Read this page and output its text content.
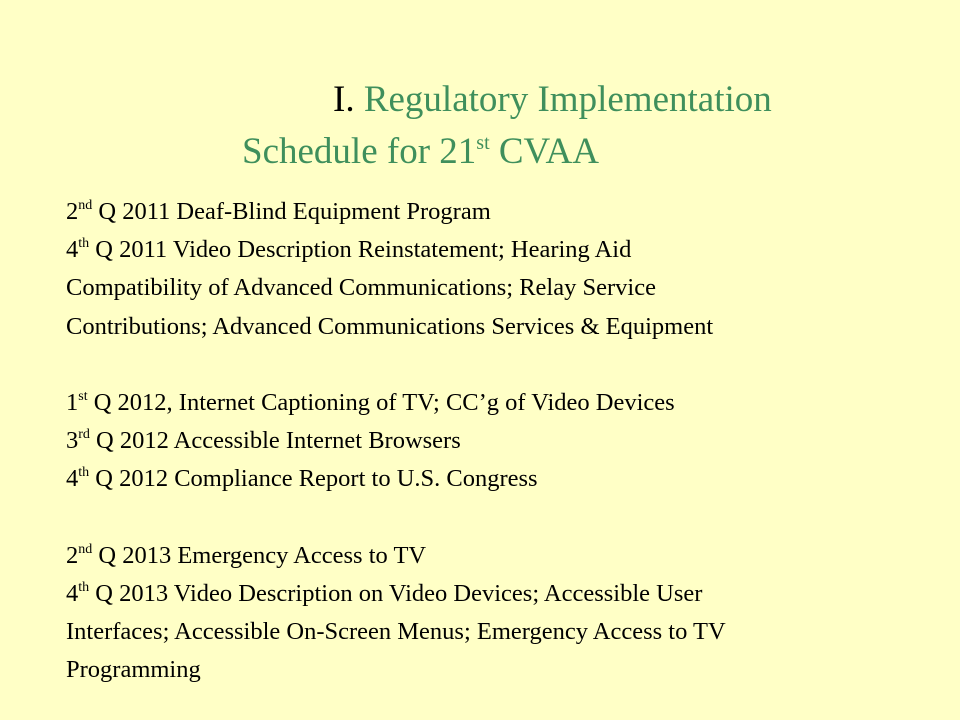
I. Regulatory Implementation
Schedule for 21st CVAA
2nd Q 2011 Deaf-Blind Equipment Program
4th Q 2011 Video Description Reinstatement; Hearing Aid
Compatibility of Advanced Communications; Relay Service
Contributions; Advanced Communications Services & Equipment
1st Q 2012, Internet Captioning of TV; CC’g of Video Devices
3rd Q 2012 Accessible Internet Browsers
4th Q 2012 Compliance Report to U.S. Congress
2nd Q 2013 Emergency Access to TV
4th Q 2013 Video Description on Video Devices; Accessible User
Interfaces; Accessible On-Screen Menus; Emergency Access to TV
Programming
